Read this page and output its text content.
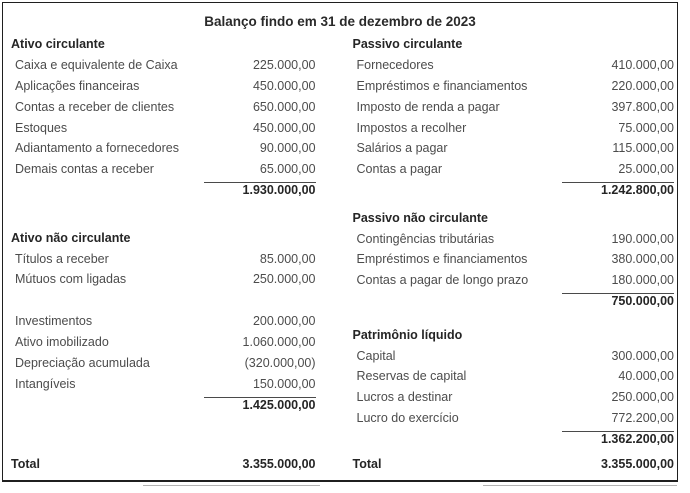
Balanço findo em 31 de dezembro de 2023
Ativo circulante
Caixa e equivalente de Caixa	225.000,00
Aplicações financeiras	450.000,00
Contas a receber de clientes	650.000,00
Estoques	450.000,00
Adiantamento a fornecedores	90.000,00
Demais contas a receber	65.000,00
1.930.000,00
Ativo não circulante
Títulos a receber	85.000,00
Mútuos com ligadas	250.000,00
Investimentos	200.000,00
Ativo imobilizado	1.060.000,00
Depreciação acumulada	(320.000,00)
Intangíveis	150.000,00
1.425.000,00
Total	3.355.000,00
Passivo circulante
Fornecedores	410.000,00
Empréstimos e financiamentos	220.000,00
Imposto de renda a pagar	397.800,00
Impostos a recolher	75.000,00
Salários a pagar	115.000,00
Contas a pagar	25.000,00
1.242.800,00
Passivo não circulante
Contingências tributárias	190.000,00
Empréstimos e financiamentos	380.000,00
Contas a pagar de longo prazo	180.000,00
750.000,00
Patrimônio líquido
Capital	300.000,00
Reservas de capital	40.000,00
Lucros a destinar	250.000,00
Lucro do exercício	772.200,00
1.362.200,00
Total	3.355.000,00
